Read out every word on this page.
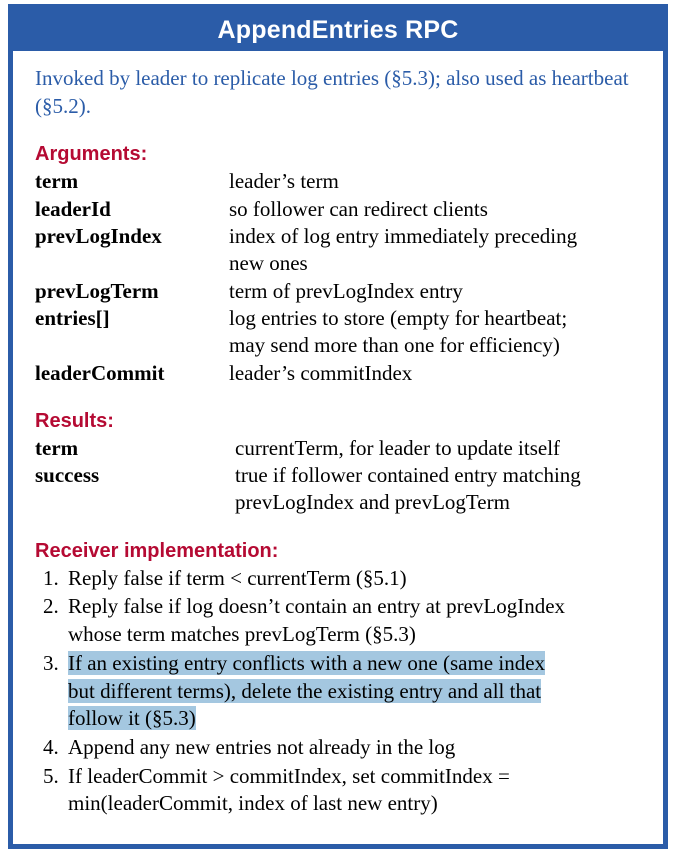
AppendEntries RPC

Invoked by leader to replicate log entries (§5.3); also used as heartbeat (§5.2).

Arguments:
term	leader’s term
leaderId	so follower can redirect clients
prevLogIndex	index of log entry immediately preceding
new ones
prevLogTerm	term of prevLogIndex entry
entries[]	log entries to store (empty for heartbeat;
may send more than one for efficiency)
leaderCommit	leader’s commitIndex
Results:
term	currentTerm, for leader to update itself
success	true if follower contained entry matching
prevLogIndex and prevLogTerm
Receiver implementation:
1. Reply false if term < currentTerm (§5.1)
2. Reply false if log doesn’t contain an entry at prevLogIndex
whose term matches prevLogTerm (§5.3)
3. If an existing entry conflicts with a new one (same index
but different terms), delete the existing entry and all that
follow it (§5.3)
4. Append any new entries not already in the log
5. If leaderCommit > commitIndex, set commitIndex =
min(leaderCommit, index of last new entry)
